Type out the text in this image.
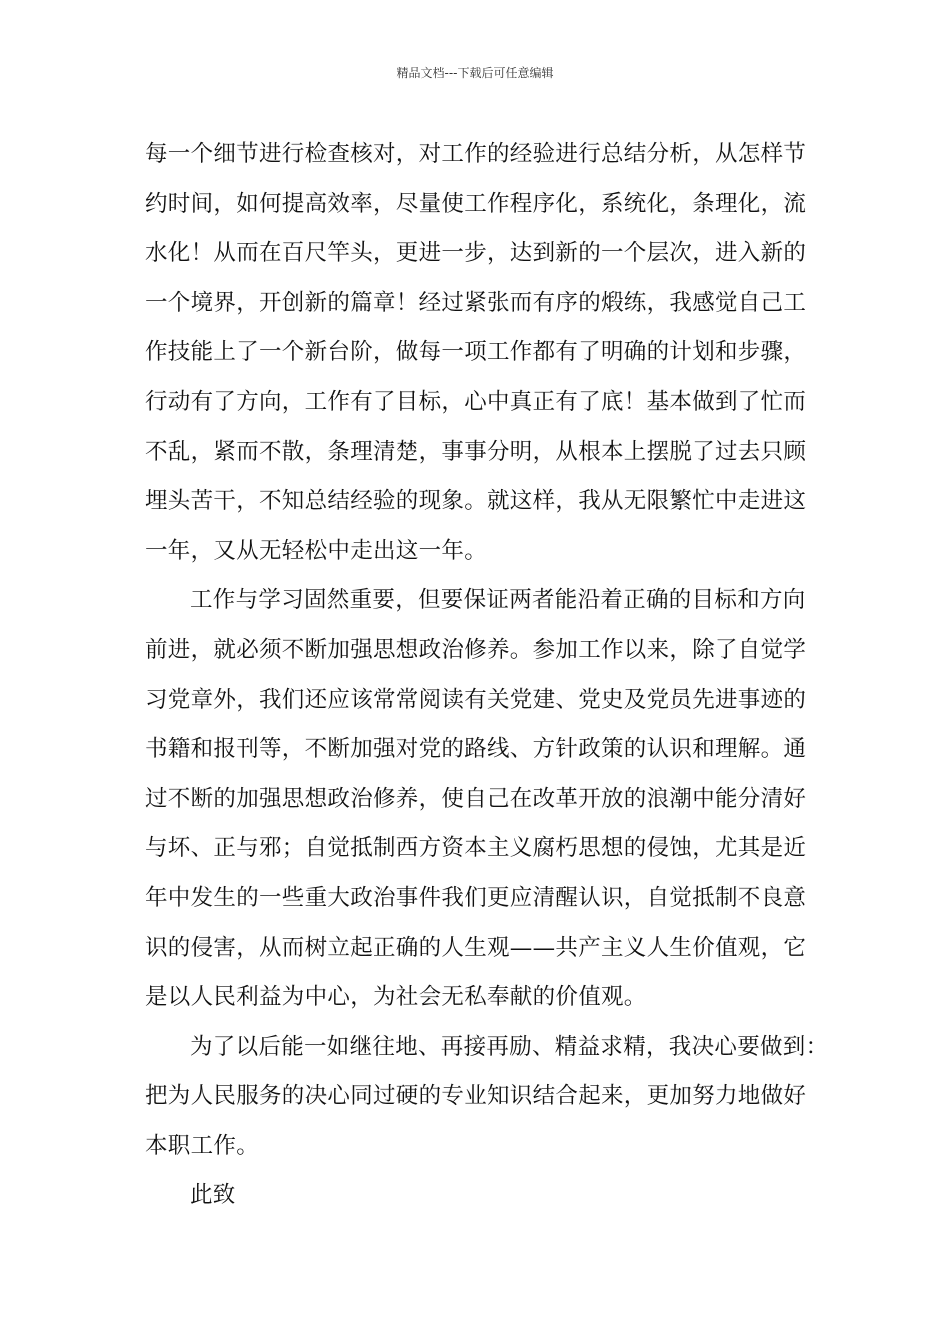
精品文档---下载后可任意编辑
每一个细节进行检查核对，对工作的经验进行总结分析，从怎样节
约时间，如何提高效率，尽量使工作程序化，系统化，条理化，流
水化！从而在百尺竿头，更进一步，达到新的一个层次，进入新的
一个境界，开创新的篇章！经过紧张而有序的煅练，我感觉自己工
作技能上了一个新台阶，做每一项工作都有了明确的计划和步骤，
行动有了方向，工作有了目标，心中真正有了底！基本做到了忙而
不乱，紧而不散，条理清楚，事事分明，从根本上摆脱了过去只顾
埋头苦干，不知总结经验的现象。就这样，我从无限繁忙中走进这
一年，又从无轻松中走出这一年。
工作与学习固然重要，但要保证两者能沿着正确的目标和方向
前进，就必须不断加强思想政治修养。参加工作以来，除了自觉学
习党章外，我们还应该常常阅读有关党建、党史及党员先进事迹的
书籍和报刊等，不断加强对党的路线、方针政策的认识和理解。通
过不断的加强思想政治修养，使自己在改革开放的浪潮中能分清好
与坏、正与邪；自觉抵制西方资本主义腐朽思想的侵蚀，尤其是近
年中发生的一些重大政治事件我们更应清醒认识，自觉抵制不良意
识的侵害，从而树立起正确的人生观——共产主义人生价值观，它
是以人民利益为中心，为社会无私奉献的价值观。
为了以后能一如继往地、再接再励、精益求精，我决心要做到：
把为人民服务的决心同过硬的专业知识结合起来，更加努力地做好
本职工作。
此致
